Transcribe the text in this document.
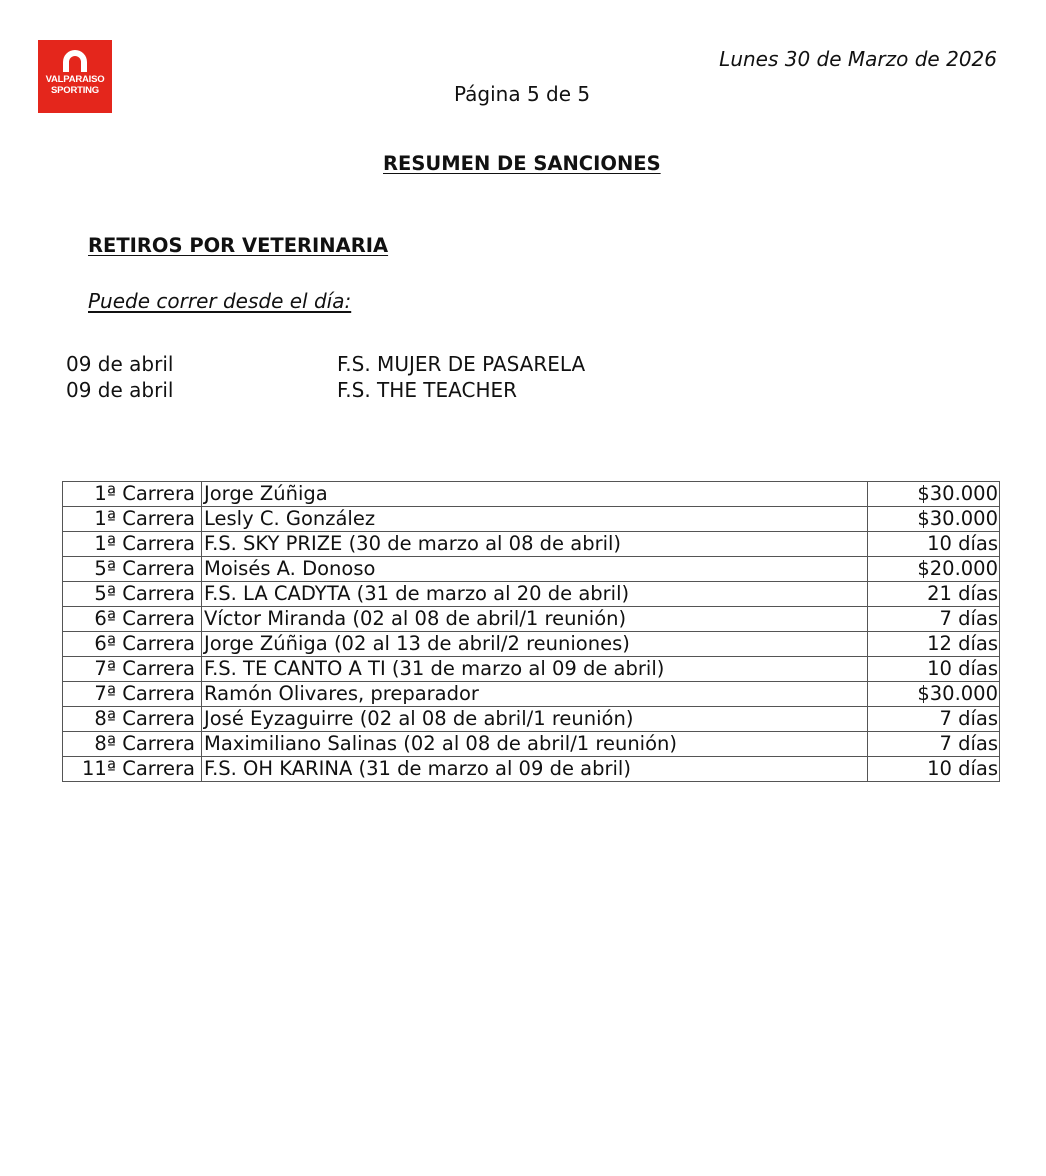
VALPARAISO
SPORTING
Lunes 30 de Marzo de 2026
Página 5 de 5
RESUMEN DE SANCIONES
RETIROS POR VETERINARIA
Puede correr desde el día:
09 de abril	F.S. MUJER DE PASARELA
09 de abril	F.S. THE TEACHER
1ª Carrera	Jorge Zúñiga	$30.000
1ª Carrera	Lesly C. González	$30.000
1ª Carrera	F.S. SKY PRIZE (30 de marzo al 08 de abril)	10 días
5ª Carrera	Moisés A. Donoso	$20.000
5ª Carrera	F.S. LA CADYTA (31 de marzo al 20 de abril)	21 días
6ª Carrera	Víctor Miranda (02 al 08 de abril/1 reunión)	7 días
6ª Carrera	Jorge Zúñiga (02 al 13 de abril/2 reuniones)	12 días
7ª Carrera	F.S. TE CANTO A TI (31 de marzo al 09 de abril)	10 días
7ª Carrera	Ramón Olivares, preparador	$30.000
8ª Carrera	José Eyzaguirre (02 al 08 de abril/1 reunión)	7 días
8ª Carrera	Maximiliano Salinas (02 al 08 de abril/1 reunión)	7 días
11ª Carrera	F.S. OH KARINA (31 de marzo al 09 de abril)	10 días
